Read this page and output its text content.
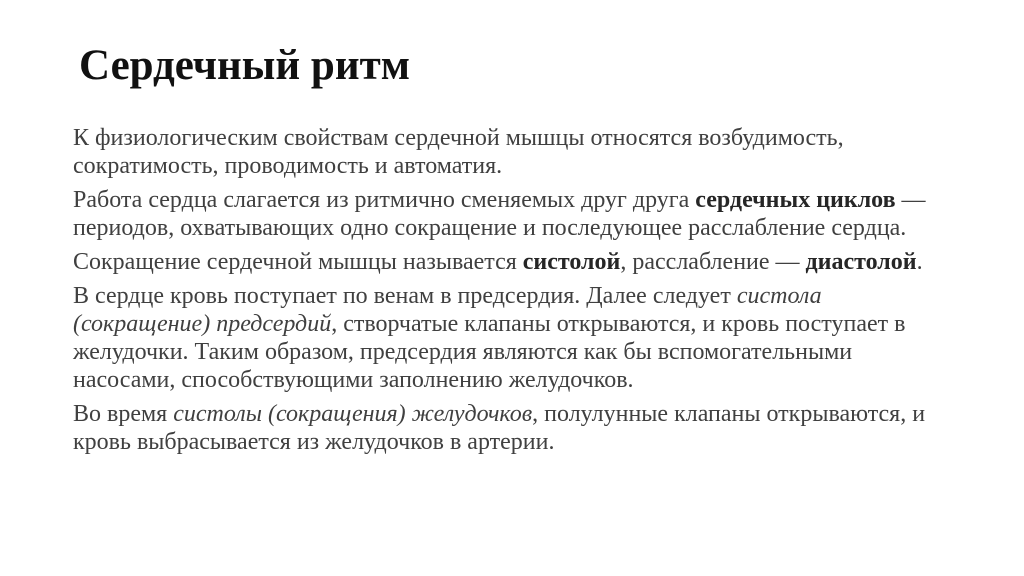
Сердечный ритм

К физиологическим свойствам сердечной мышцы относятся возбудимость, сократимость, проводимость и автоматия.

Работа сердца слагается из ритмично сменяемых друг друга сердечных циклов — периодов, охватывающих одно сокращение и последующее расслабление сердца.

Сокращение сердечной мышцы называется систолой, расслабление — диастолой.

В сердце кровь поступает по венам в предсердия. Далее следует систола (сокращение) предсердий, створчатые клапаны открываются, и кровь поступает в желудочки. Таким образом, предсердия являются как бы вспомогательными насосами, способствующими заполнению желудочков.

Во время систолы (сокращения) желудочков, полулунные клапаны открываются, и кровь выбрасывается из желудочков в артерии.
